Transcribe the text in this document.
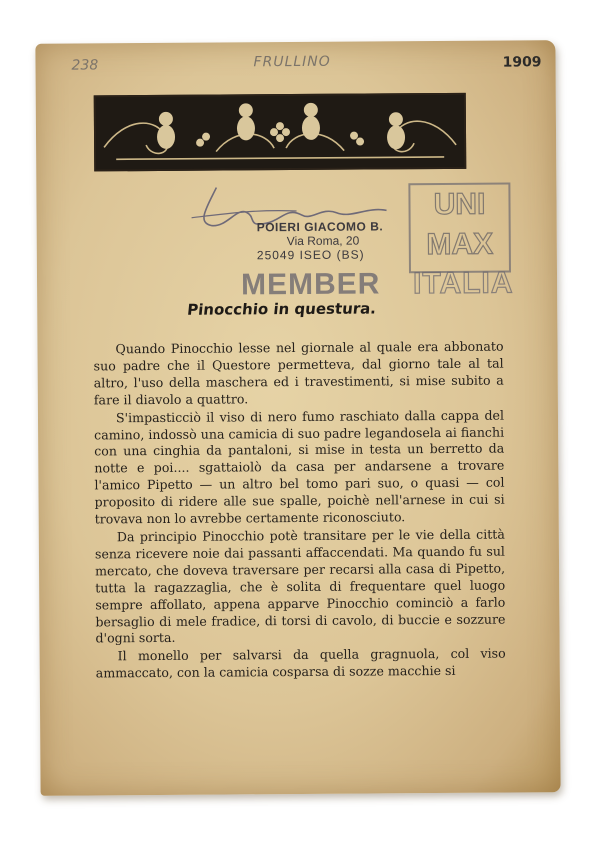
238	FRULLINO	1909
POIERI GIACOMO B.
Via Roma, 20
25049 ISEO (BS)
UNI
MAX
MEMBER ITALIA
Pinocchio in questura.

Quando Pinocchio lesse nel giornale al quale era abbonato suo padre che il Questore permetteva, dal giorno tale al tal altro, l'uso della maschera ed i travestimenti, si mise subito a fare il diavolo a quattro.

S'impasticciò il viso di nero fumo raschiato dalla cappa del camino, indossò una camicia di suo padre legandosela ai fianchi con una cinghia da pantaloni, si mise in testa un berretto da notte e poi.... sgattaiolò da casa per andarsene a trovare l'amico Pipetto — un altro bel tomo pari suo, o quasi — col proposito di ridere alle sue spalle, poichè nell'arnese in cui si trovava non lo avrebbe certamente riconosciuto.

Da principio Pinocchio potè transitare per le vie della città senza ricevere noie dai passanti affaccendati. Ma quando fu sul mercato, che doveva traversare per recarsi alla casa di Pipetto, tutta la ragazzaglia, che è solita di frequentare quel luogo sempre affollato, appena apparve Pinocchio cominciò a farlo bersaglio di mele fradice, di torsi di cavolo, di buccie e sozzure d'ogni sorta.

Il monello per salvarsi da quella gragnuola, col viso ammaccato, con la camicia cosparsa di sozze macchie si
